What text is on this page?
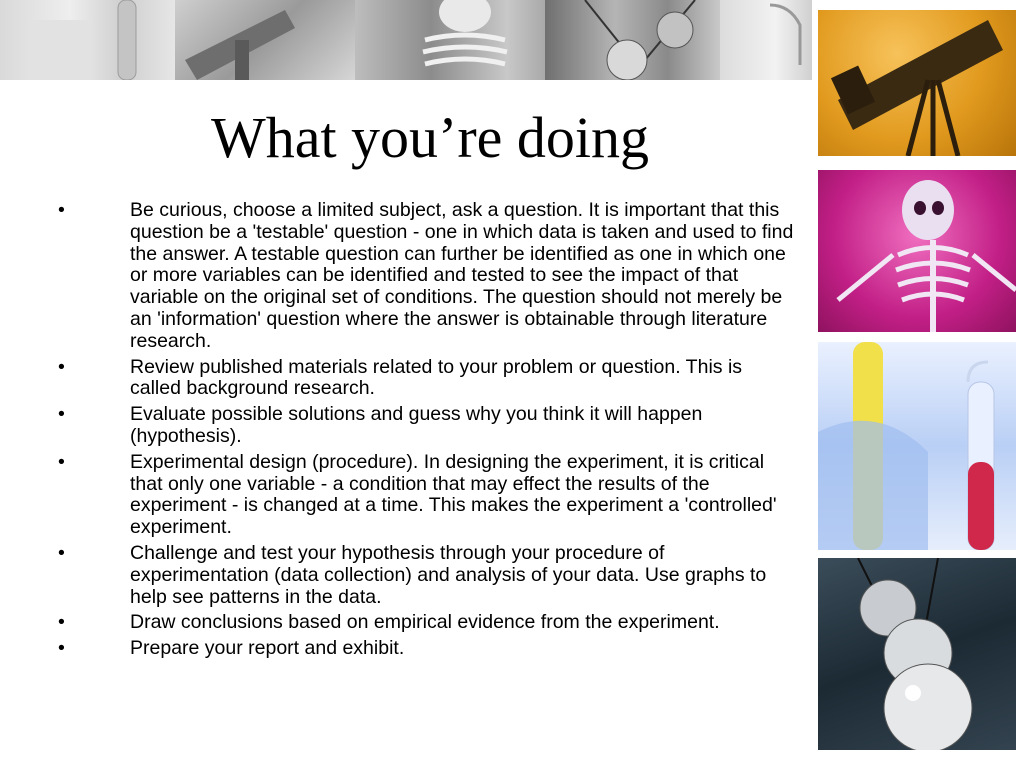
What you’re doing
•	Be curious, choose a limited subject, ask a question. It is important that this question be a 'testable' question - one in which data is taken and used to find the answer. A testable question can further be identified as one in which one or more variables can be identified and tested to see the impact of that variable on the original set of conditions. The question should not merely be an 'information' question where the answer is obtainable through literature research.
•	Review published materials related to your problem or question. This is called background research.
•	Evaluate possible solutions and guess why you think it will happen (hypothesis).
•	Experimental design (procedure). In designing the experiment, it is critical that only one variable - a condition that may effect the results of the experiment - is changed at a time. This makes the experiment a 'controlled' experiment.
•	Challenge and test your hypothesis through your procedure of experimentation (data collection) and analysis of your data. Use graphs to help see patterns in the data.
•	Draw conclusions based on empirical evidence from the experiment.
•	Prepare your report and exhibit.
